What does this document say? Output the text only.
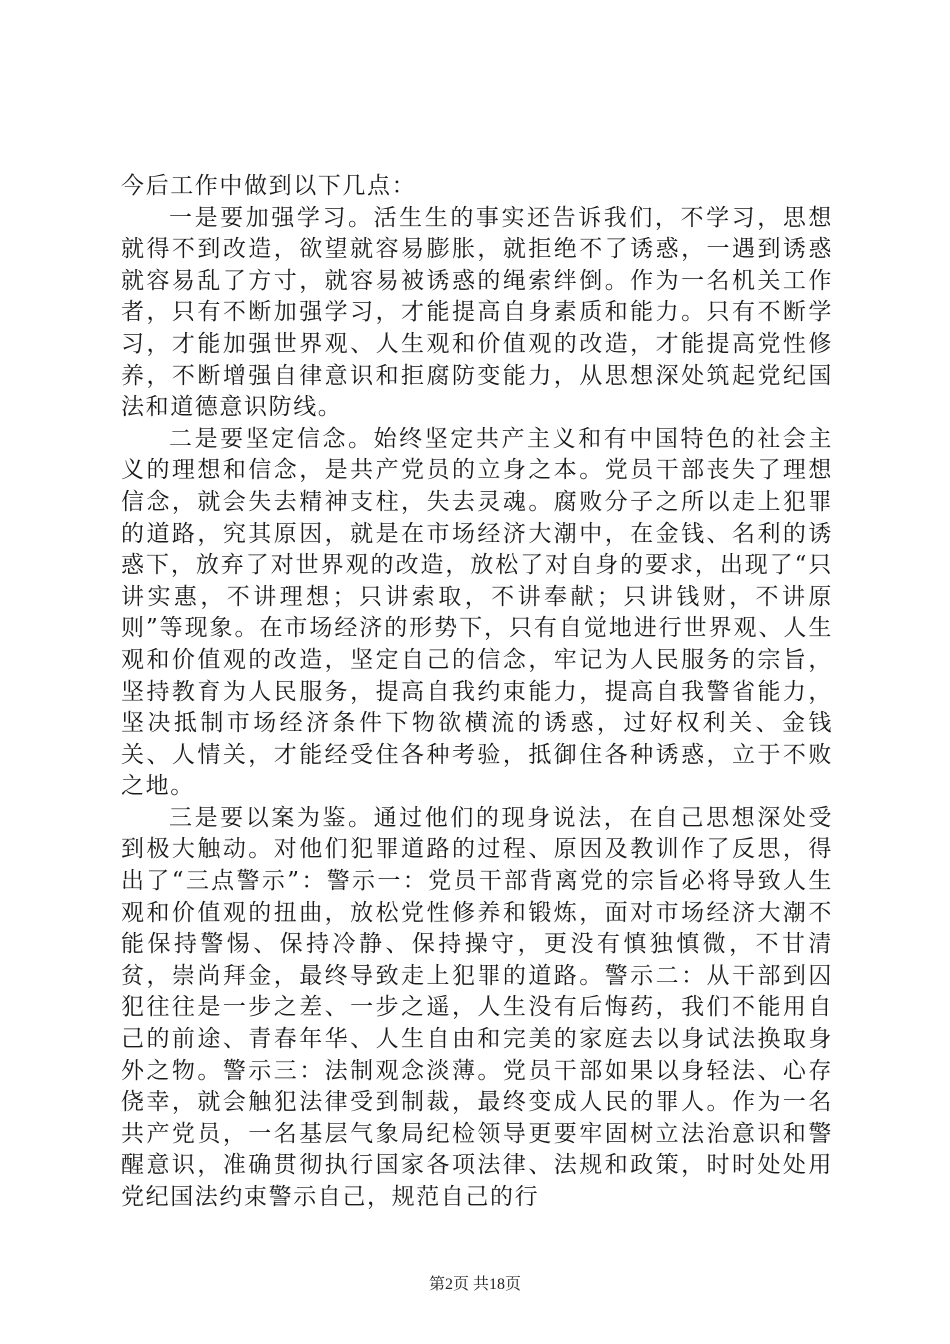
今后工作中做到以下几点：

一是要加强学习。活生生的事实还告诉我们，不学习，思想就得不到改造，欲望就容易膨胀，就拒绝不了诱惑，一遇到诱惑就容易乱了方寸，就容易被诱惑的绳索绊倒。作为一名机关工作者，只有不断加强学习，才能提高自身素质和能力。只有不断学习，才能加强世界观、人生观和价值观的改造，才能提高党性修养，不断增强自律意识和拒腐防变能力，从思想深处筑起党纪国法和道德意识防线。

二是要坚定信念。始终坚定共产主义和有中国特色的社会主义的理想和信念，是共产党员的立身之本。党员干部丧失了理想信念，就会失去精神支柱，失去灵魂。腐败分子之所以走上犯罪的道路，究其原因，就是在市场经济大潮中，在金钱、名利的诱惑下，放弃了对世界观的改造，放松了对自身的要求，出现了“只讲实惠，不讲理想；只讲索取，不讲奉献；只讲钱财，不讲原则”等现象。在市场经济的形势下，只有自觉地进行世界观、人生观和价值观的改造，坚定自己的信念，牢记为人民服务的宗旨，坚持教育为人民服务，提高自我约束能力，提高自我警省能力，坚决抵制市场经济条件下物欲横流的诱惑，过好权利关、金钱关、人情关，才能经受住各种考验，抵御住各种诱惑，立于不败之地。

三是要以案为鉴。通过他们的现身说法，在自己思想深处受到极大触动。对他们犯罪道路的过程、原因及教训作了反思，得出了“三点警示”：警示一：党员干部背离党的宗旨必将导致人生观和价值观的扭曲，放松党性修养和锻炼，面对市场经济大潮不能保持警惕、保持冷静、保持操守，更没有慎独慎微，不甘清贫，崇尚拜金，最终导致走上犯罪的道路。警示二：从干部到囚犯往往是一步之差、一步之遥，人生没有后悔药，我们不能用自己的前途、青春年华、人生自由和完美的家庭去以身试法换取身外之物。警示三：法制观念淡薄。党员干部如果以身轻法、心存侥幸，就会触犯法律受到制裁，最终变成人民的罪人。作为一名共产党员，一名基层气象局纪检领导更要牢固树立法治意识和警醒意识，准确贯彻执行国家各项法律、法规和政策，时时处处用党纪国法约束警示自己，规范自己的行

第2页 共18页
